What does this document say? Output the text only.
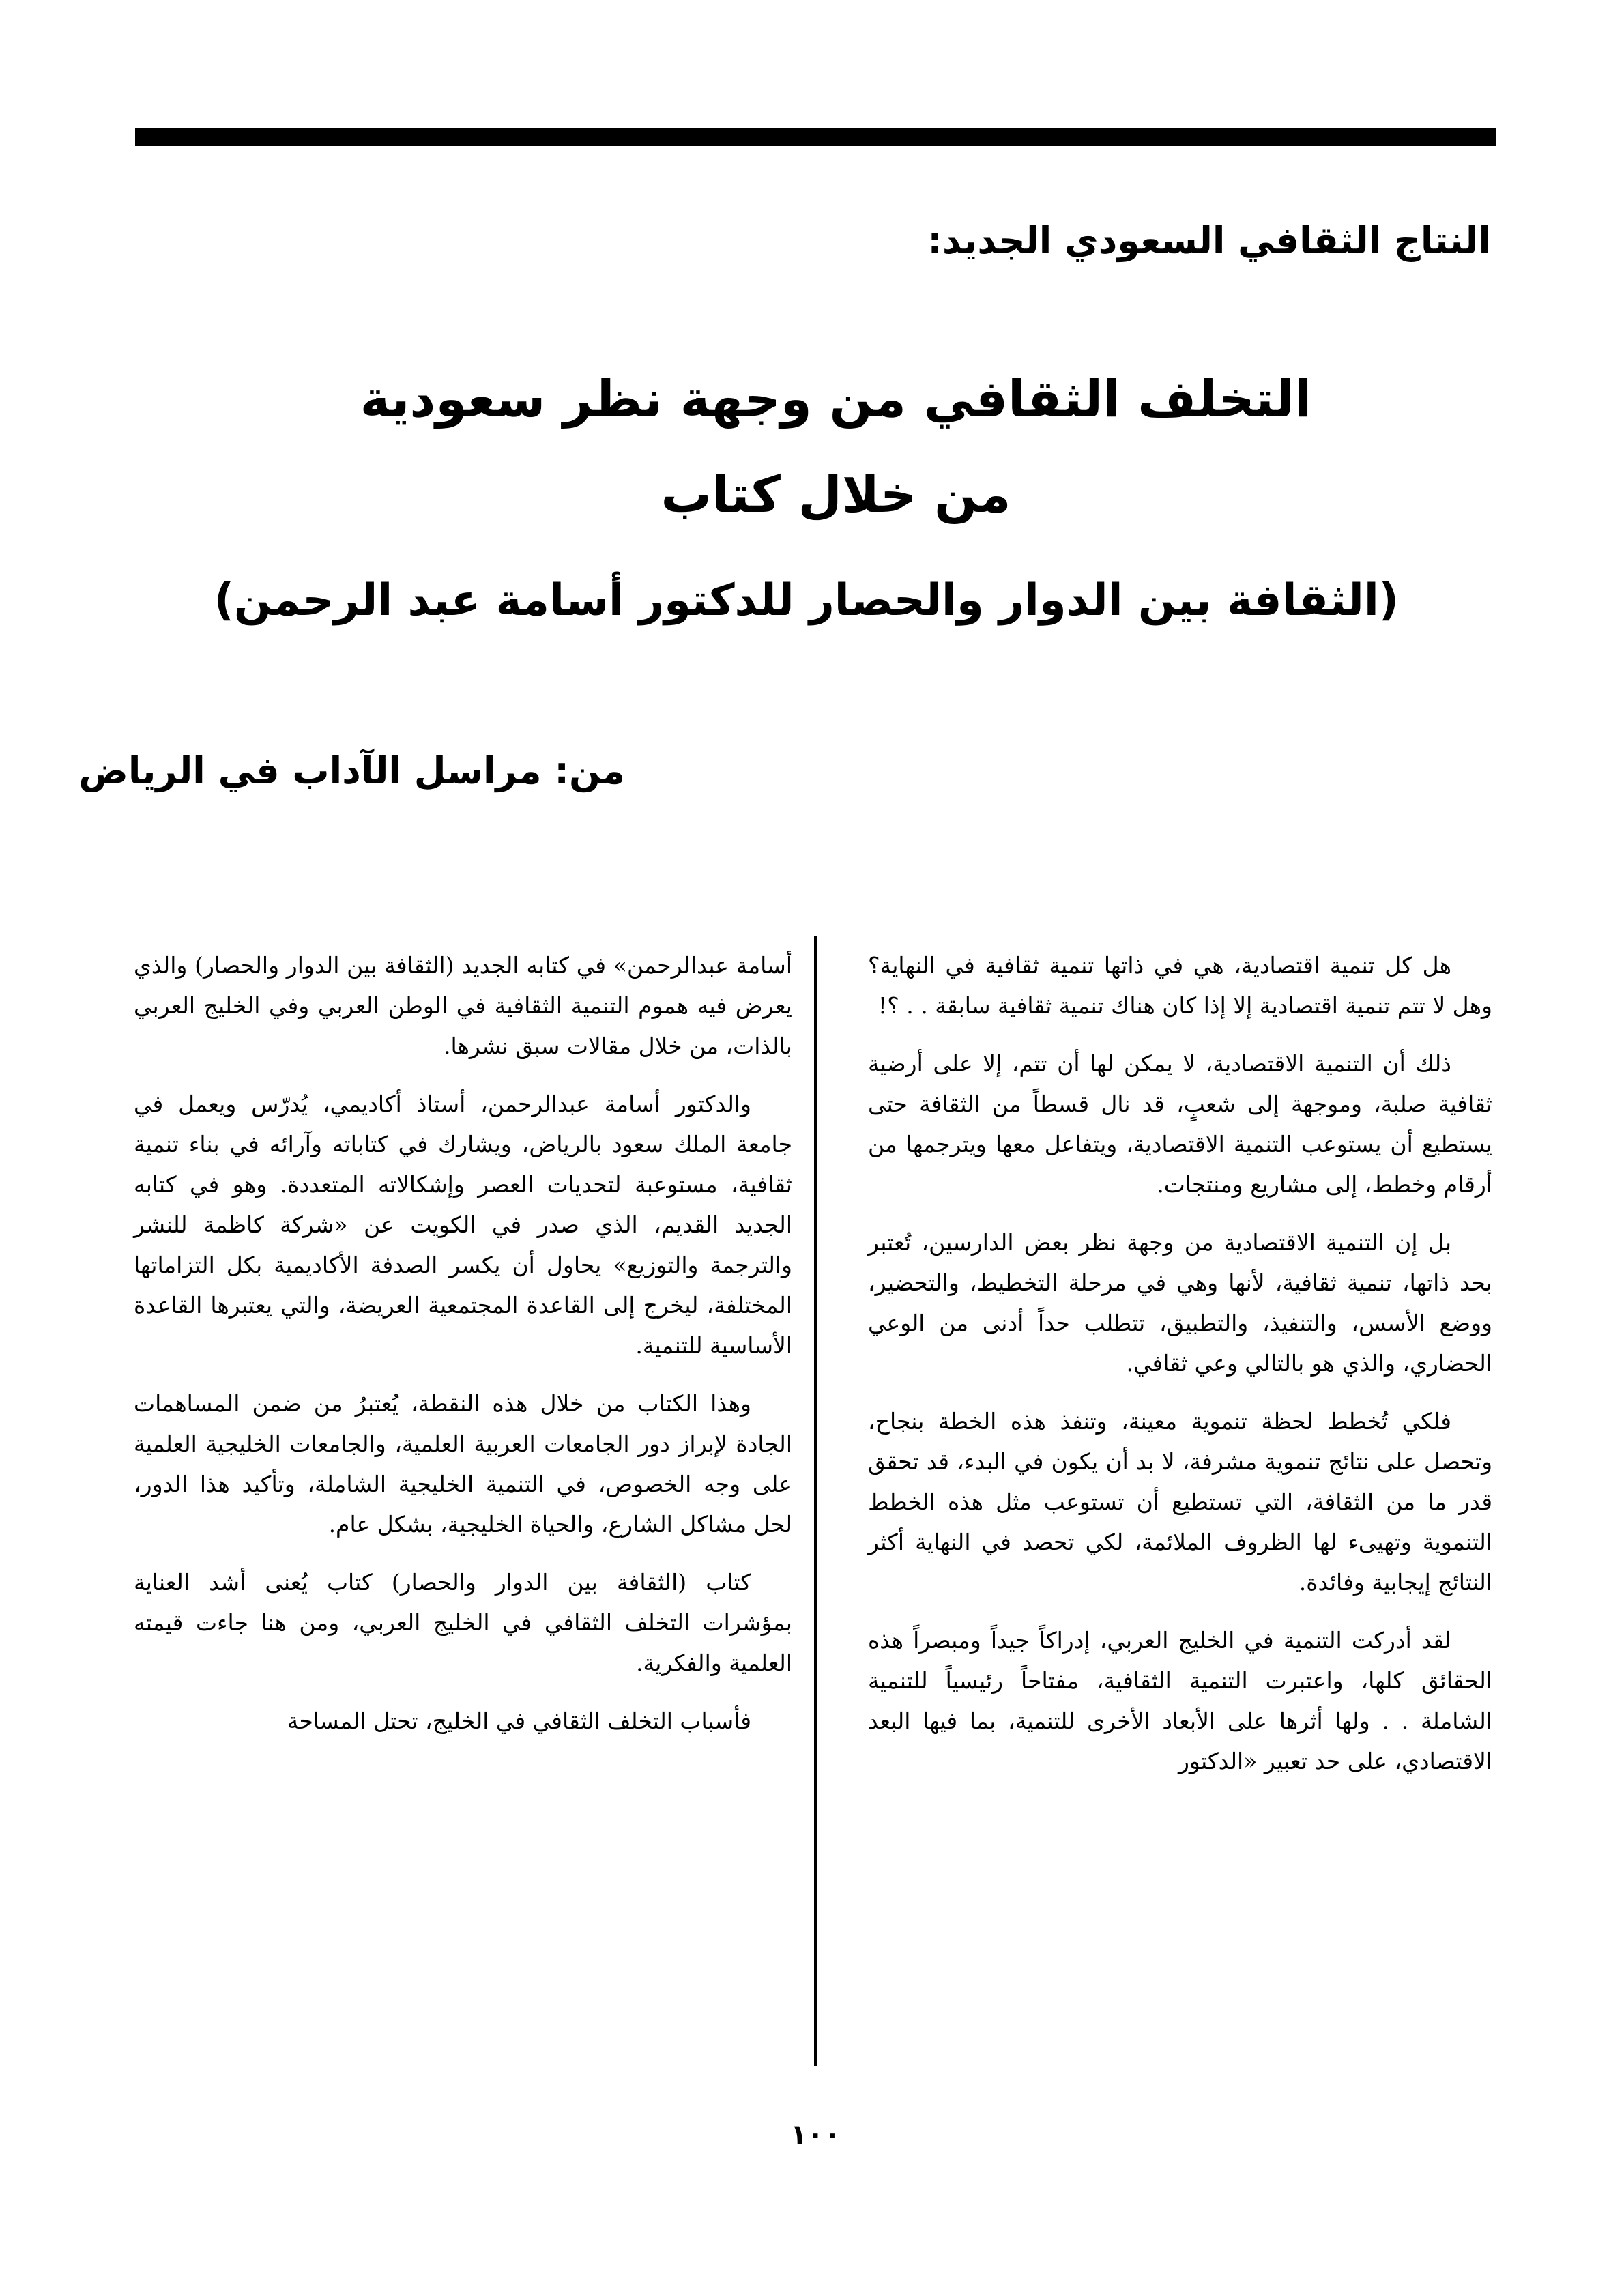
النتاج الثقافي السعودي الجديد:
التخلف الثقافي من وجهة نظر سعودية
من خلال كتاب
(الثقافة بين الدوار والحصار للدكتور أسامة عبد الرحمن)
من: مراسل الآداب في الرياض

هل كل تنمية اقتصادية، هي في ذاتها تنمية ثقافية في النهاية؟ وهل لا تتم تنمية اقتصادية إلا إذا كان هناك تنمية ثقافية سابقة . . ؟!

ذلك أن التنمية الاقتصادية، لا يمكن لها أن تتم، إلا على أرضية ثقافية صلبة، وموجهة إلى شعبٍ، قد نال قسطاً من الثقافة حتى يستطيع أن يستوعب التنمية الاقتصادية، ويتفاعل معها ويترجمها من أرقام وخطط، إلى مشاريع ومنتجات.

بل إن التنمية الاقتصادية من وجهة نظر بعض الدارسين، تُعتبر بحد ذاتها، تنمية ثقافية، لأنها وهي في مرحلة التخطيط، والتحضير، ووضع الأسس، والتنفيذ، والتطبيق، تتطلب حداً أدنى من الوعي الحضاري، والذي هو بالتالي وعي ثقافي.

فلكي تُخطط لحظة تنموية معينة، وتنفذ هذه الخطة بنجاح، وتحصل على نتائج تنموية مشرفة، لا بد أن يكون في البدء، قد تحقق قدر ما من الثقافة، التي تستطيع أن تستوعب مثل هذه الخطط التنموية وتهيىء لها الظروف الملائمة، لكي تحصد في النهاية أكثر النتائج إيجابية وفائدة.

لقد أدركت التنمية في الخليج العربي، إدراكاً جيداً ومبصراً هذه الحقائق كلها، واعتبرت التنمية الثقافية، مفتاحاً رئيسياً للتنمية الشاملة . . ولها أثرها على الأبعاد الأخرى للتنمية، بما فيها البعد الاقتصادي، على حد تعبير «الدكتور

أسامة عبدالرحمن» في كتابه الجديد (الثقافة بين الدوار والحصار) والذي يعرض فيه هموم التنمية الثقافية في الوطن العربي وفي الخليج العربي بالذات، من خلال مقالات سبق نشرها.

والدكتور أسامة عبدالرحمن، أستاذ أكاديمي، يُدرّس ويعمل في جامعة الملك سعود بالرياض، ويشارك في كتاباته وآرائه في بناء تنمية ثقافية، مستوعبة لتحديات العصر وإشكالاته المتعددة. وهو في كتابه الجديد القديم، الذي صدر في الكويت عن «شركة كاظمة للنشر والترجمة والتوزيع» يحاول أن يكسر الصدفة الأكاديمية بكل التزاماتها المختلفة، ليخرج إلى القاعدة المجتمعية العريضة، والتي يعتبرها القاعدة الأساسية للتنمية.

وهذا الكتاب من خلال هذه النقطة، يُعتبرُ من ضمن المساهمات الجادة لإبراز دور الجامعات العربية العلمية، والجامعات الخليجية العلمية على وجه الخصوص، في التنمية الخليجية الشاملة، وتأكيد هذا الدور، لحل مشاكل الشارع، والحياة الخليجية، بشكل عام.

كتاب (الثقافة بين الدوار والحصار) كتاب يُعنى أشد العناية بمؤشرات التخلف الثقافي في الخليج العربي، ومن هنا جاءت قيمته العلمية والفكرية.

فأسباب التخلف الثقافي في الخليج، تحتل المساحة

١٠٠
